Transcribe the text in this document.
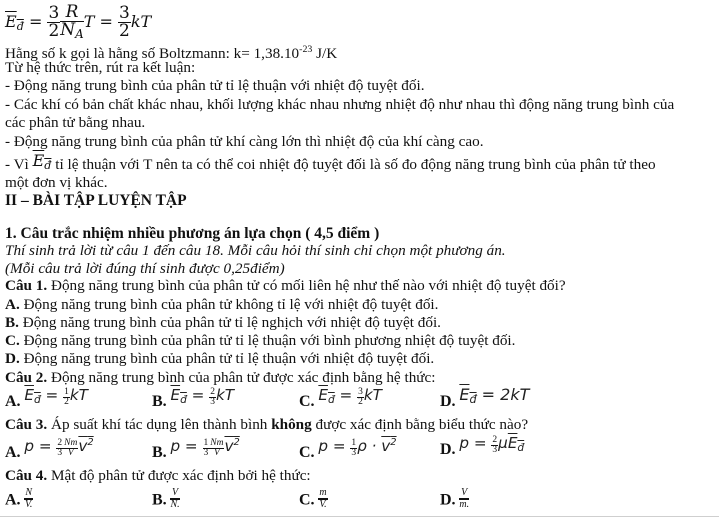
$E_đ = \frac{3}{2} \frac{R}{N_A}$ $T = \frac{3}{2}$ kT
Hằng số k gọi là hằng số Boltzmann: $k= 1,38.10^{-23}$ J/K
Từ hệ thức trên, rút ra kết luận:
- Động năng trung bình của phân tử tỉ lệ thuận với nhiệt độ tuyệt đối.
- Các khí có bản chất khác nhau, khối lượng khác nhau nhưng nhiệt độ như nhau thì động năng trung bình của
các phân tử bằng nhau.
- Động năng trung bình của phân tử khí càng lớn thì nhiệt độ của khí càng cao.
- Vì $E_đ$ tỉ lệ thuận với T nên ta có thể coi nhiệt độ tuyệt đối là số đo động năng trung bình của phân tử theo
một đơn vị khác.
II – BÀI TẬP LUYỆN TẬP
1. Câu trắc nhiệm nhiều phương án lựa chọn ( 4,5 điểm )
Thí sinh trả lời từ câu 1 đến câu 18. Mỗi câu hỏi thí sinh chỉ chọn một phương án.
(Mỗi câu trả lời đúng thí sinh được 0,25điểm)
Câu 1. Động năng trung bình của phân tử có mối liên hệ như thế nào với nhiệt độ tuyệt đối?
A. Động năng trung bình của phân tử không tỉ lệ với nhiệt độ tuyệt đối.
B. Động năng trung bình của phân tử tỉ lệ nghịch với nhiệt độ tuyệt đối.
C. Động năng trung bình của phân tử tỉ lệ thuận với bình phương nhiệt độ tuyệt đối.
D. Động năng trung bình của phân tử tỉ lệ thuận với nhiệt độ tuyệt đối.
Câu 2. Động năng trung bình của phân tử được xác định bằng hệ thức:
A. $E_đ = \frac{1}{2}$ kT	B. $E_đ = \frac{2}{3}$ kT	C. $E_đ = \frac{3}{2}$ kT	D. $E_đ = 2kT$
Câu 3. Áp suất khí tác dụng lên thành bình không được xác định bằng biểu thức nào?
A. $p = \frac{2}{3} \frac{Nm}{V} v^2$
B. $p = \frac{1}{3} \frac{Nm}{V} v^2$
C. $p = \frac{1}{3}$ $\rho \cdot v^2$	D. $p = \frac{2}{3} \mu E_đ$
Câu 4. Mật độ phân tử được xác định bởi hệ thức:
A. $\frac{N}{V.}$	B. $\frac{V}{N.}$	C. $\frac{m}{V.}$	D. $\frac{V}{m.}$
